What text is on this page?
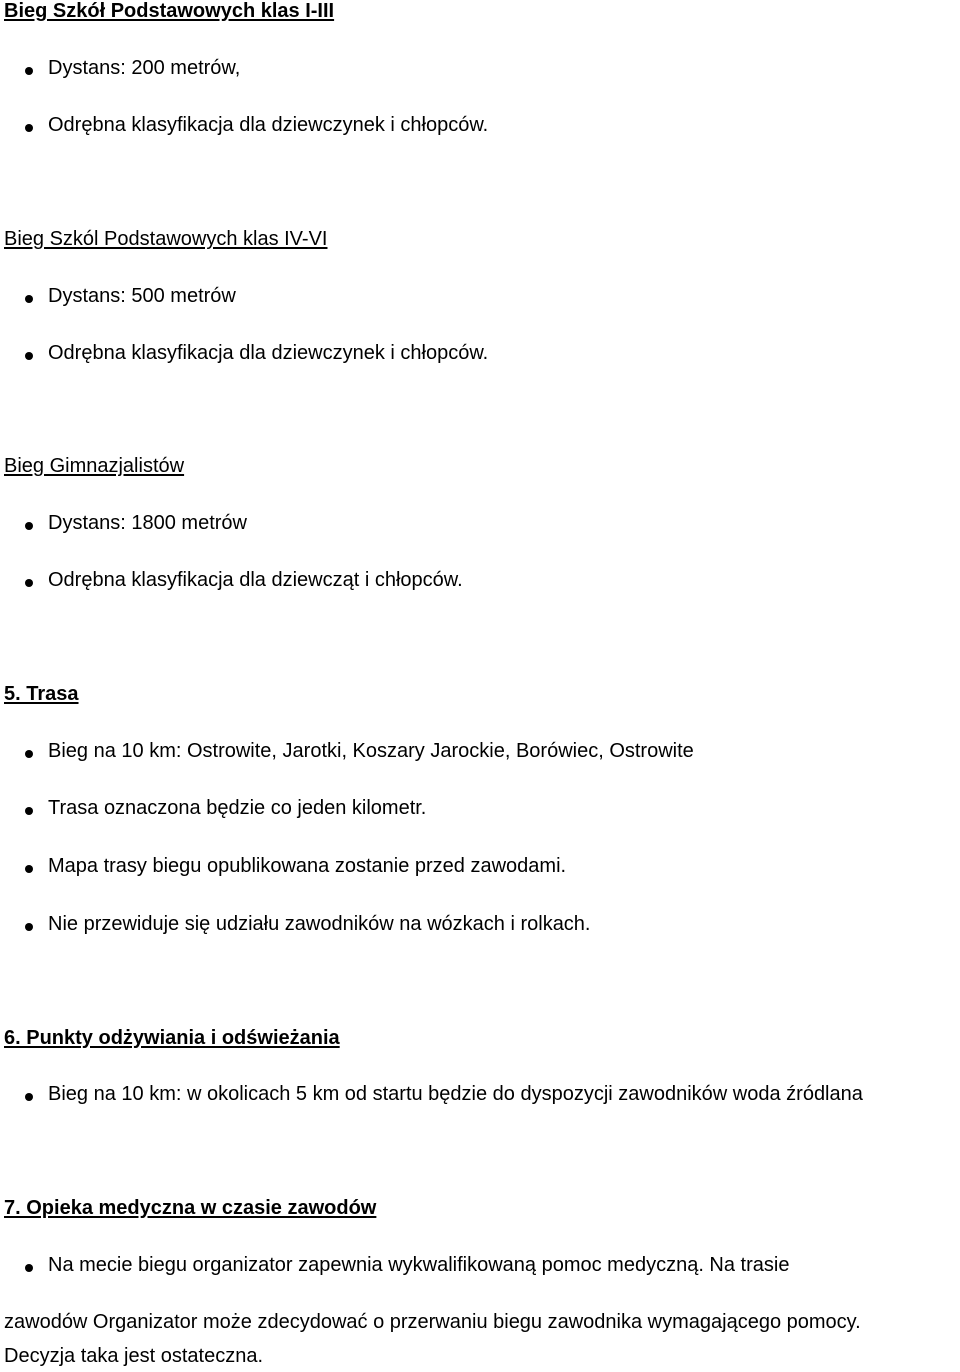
Bieg Szkół Podstawowych klas I-III
Dystans: 200 metrów,
Odrębna klasyfikacja dla dziewczynek i chłopców.
Bieg Szkól Podstawowych klas IV-VI
Dystans: 500 metrów
Odrębna klasyfikacja dla dziewczynek i chłopców.
Bieg Gimnazjalistów
Dystans: 1800 metrów
Odrębna klasyfikacja dla dziewcząt i chłopców.
5. Trasa
Bieg na 10 km: Ostrowite, Jarotki, Koszary Jarockie, Borówiec, Ostrowite
Trasa oznaczona będzie co jeden kilometr.
Mapa trasy biegu opublikowana zostanie przed zawodami.
Nie przewiduje się udziału zawodników na wózkach i rolkach.
6. Punkty odżywiania i odświeżania
Bieg na 10 km: w okolicach 5 km od startu będzie do dyspozycji zawodników woda źródlana
7. Opieka medyczna w czasie zawodów
Na mecie biegu organizator zapewnia wykwalifikowaną pomoc medyczną. Na trasie
zawodów Organizator może zdecydować o przerwaniu biegu zawodnika wymagającego pomocy.
Decyzja taka jest ostateczna.
